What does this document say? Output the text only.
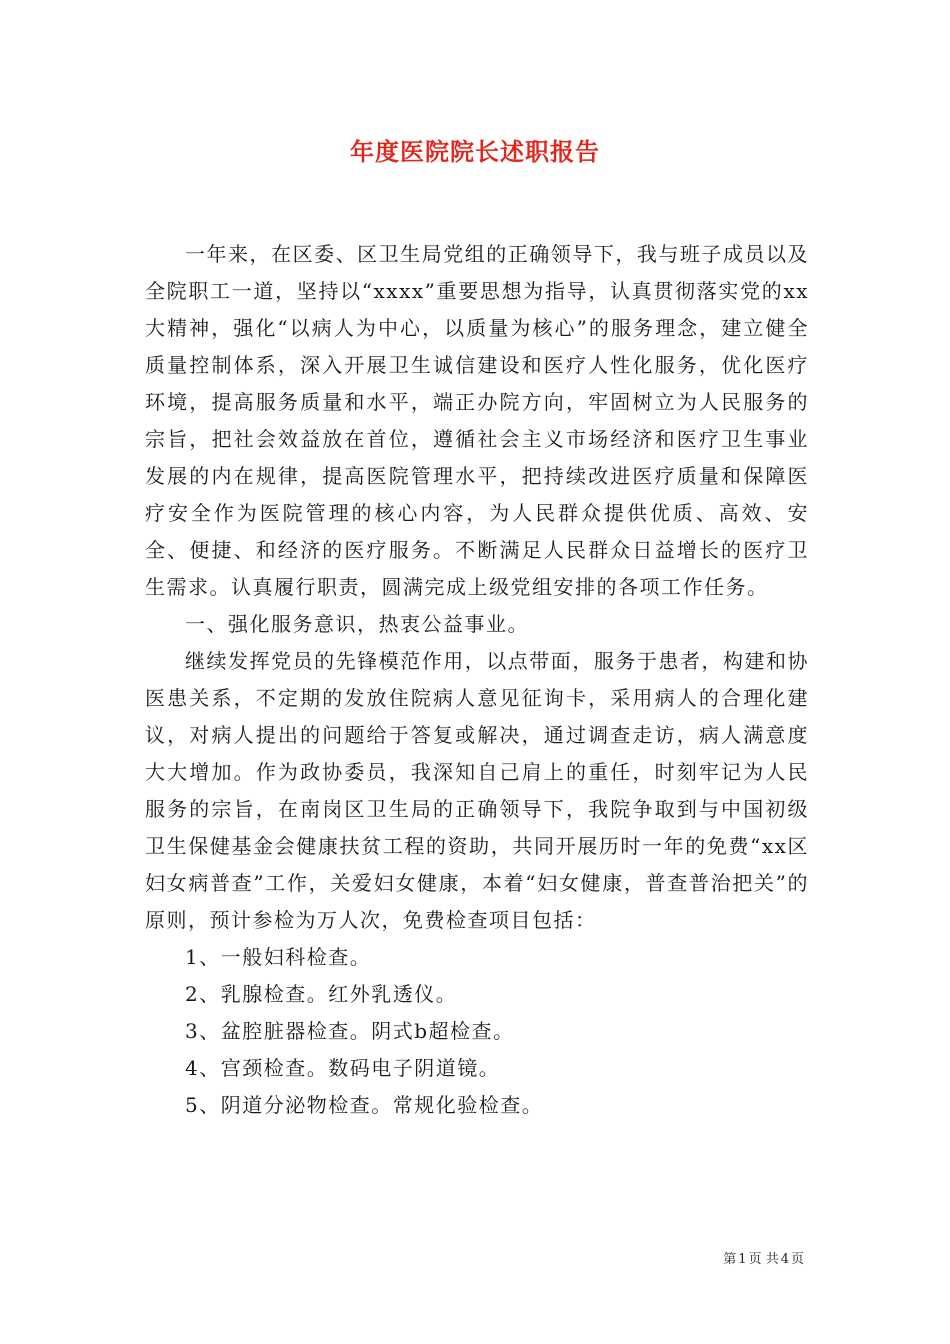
年度医院院长述职报告

一年来，在区委、区卫生局党组的正确领导下，我与班子成员以及全院职工一道，坚持以“xxxx”重要思想为指导，认真贯彻落实党的xx大精神，强化“以病人为中心，以质量为核心”的服务理念，建立健全质量控制体系，深入开展卫生诚信建设和医疗人性化服务，优化医疗环境，提高服务质量和水平，端正办院方向，牢固树立为人民服务的宗旨，把社会效益放在首位，遵循社会主义市场经济和医疗卫生事业发展的内在规律，提高医院管理水平，把持续改进医疗质量和保障医疗安全作为医院管理的核心内容，为人民群众提供优质、高效、安全、便捷、和经济的医疗服务。不断满足人民群众日益增长的医疗卫生需求。认真履行职责，圆满完成上级党组安排的各项工作任务。

一、强化服务意识，热衷公益事业。

继续发挥党员的先锋模范作用，以点带面，服务于患者，构建和协医患关系，不定期的发放住院病人意见征询卡，采用病人的合理化建议，对病人提出的问题给于答复或解决，通过调查走访，病人满意度大大增加。作为政协委员，我深知自己肩上的重任，时刻牢记为人民服务的宗旨，在南岗区卫生局的正确领导下，我院争取到与中国初级卫生保健基金会健康扶贫工程的资助，共同开展历时一年的免费“xx区妇女病普查”工作，关爱妇女健康，本着“妇女健康，普查普治把关”的原则，预计参检为万人次，免费检查项目包括：

1、一般妇科检查。

2、乳腺检查。红外乳透仪。

3、盆腔脏器检查。阴式b超检查。

4、宫颈检查。数码电子阴道镜。

5、阴道分泌物检查。常规化验检查。

第 1 页 共 4 页
